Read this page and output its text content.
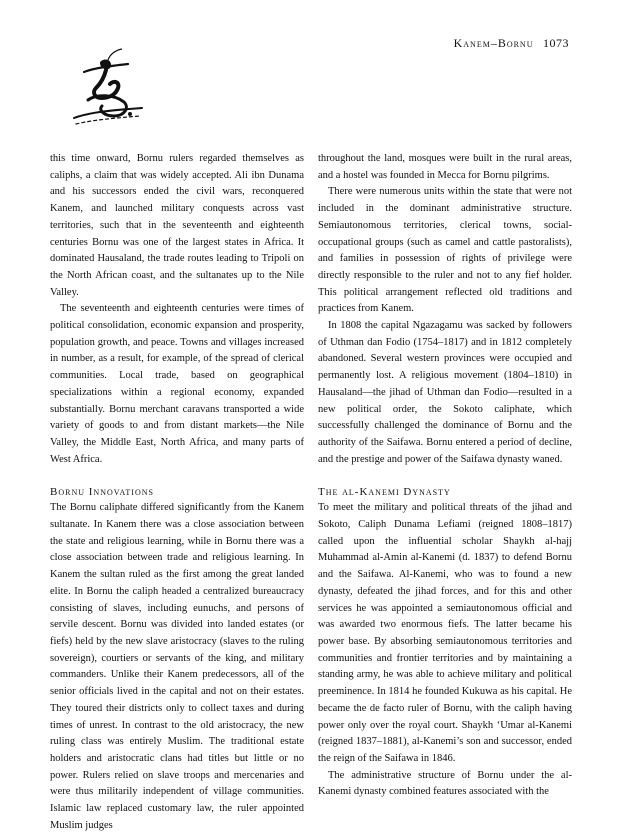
Kanem–Bornu 1073

this time onward, Bornu rulers regarded themselves as caliphs, a claim that was widely accepted. Ali ibn Dunama and his successors ended the civil wars, reconquered Kanem, and launched military conquests across vast territories, such that in the seventeenth and eighteenth centuries Bornu was one of the largest states in Africa. It dominated Hausaland, the trade routes leading to Tripoli on the North African coast, and the sultanates up to the Nile Valley.

The seventeenth and eighteenth centuries were times of political consolidation, economic expansion and prosperity, population growth, and peace. Towns and villages increased in number, as a result, for example, of the spread of clerical communities. Local trade, based on geographical specializations within a regional economy, expanded substantially. Bornu merchant caravans transported a wide variety of goods to and from distant markets—the Nile Valley, the Middle East, North Africa, and many parts of West Africa.

Bornu Innovations

The Bornu caliphate differed significantly from the Kanem sultanate. In Kanem there was a close association between the state and religious learning, while in Bornu there was a close association between trade and religious learning. In Kanem the sultan ruled as the first among the great landed elite. In Bornu the caliph headed a centralized bureaucracy consisting of slaves, including eunuchs, and persons of servile descent. Bornu was divided into landed estates (or fiefs) held by the new slave aristocracy (slaves to the ruling sovereign), courtiers or servants of the king, and military commanders. Unlike their Kanem predecessors, all of the senior officials lived in the capital and not on their estates. They toured their districts only to collect taxes and during times of unrest. In contrast to the old aristocracy, the new ruling class was entirely Muslim. The traditional estate holders and aristocratic clans had titles but little or no power. Rulers relied on slave troops and mercenaries and were thus militarily independent of village communities. Islamic law replaced customary law, the ruler appointed Muslim judges

throughout the land, mosques were built in the rural areas, and a hostel was founded in Mecca for Bornu pilgrims.

There were numerous units within the state that were not included in the dominant administrative structure. Semiautonomous territories, clerical towns, social-occupational groups (such as camel and cattle pastoralists), and families in possession of rights of privilege were directly responsible to the ruler and not to any fief holder. This political arrangement reflected old traditions and practices from Kanem.

In 1808 the capital Ngazagamu was sacked by followers of Uthman dan Fodio (1754–1817) and in 1812 completely abandoned. Several western provinces were occupied and permanently lost. A religious movement (1804–1810) in Hausaland—the jihad of Uthman dan Fodio—resulted in a new political order, the Sokoto caliphate, which successfully challenged the dominance of Bornu and the authority of the Saifawa. Bornu entered a period of decline, and the prestige and power of the Saifawa dynasty waned.

The al-Kanemi Dynasty

To meet the military and political threats of the jihad and Sokoto, Caliph Dunama Lefiami (reigned 1808–1817) called upon the influential scholar Shaykh al-hajj Muhammad al-Amin al-Kanemi (d. 1837) to defend Bornu and the Saifawa. Al-Kanemi, who was to found a new dynasty, defeated the jihad forces, and for this and other services he was appointed a semiautonomous official and was awarded two enormous fiefs. The latter became his power base. By absorbing semiautonomous territories and communities and frontier territories and by maintaining a standing army, he was able to achieve military and political preeminence. In 1814 he founded Kukuwa as his capital. He became the de facto ruler of Bornu, with the caliph having power only over the royal court. Shaykh ‘Umar al-Kanemi (reigned 1837–1881), al-Kanemi’s son and successor, ended the reign of the Saifawa in 1846.

The administrative structure of Bornu under the al-Kanemi dynasty combined features associated with the
